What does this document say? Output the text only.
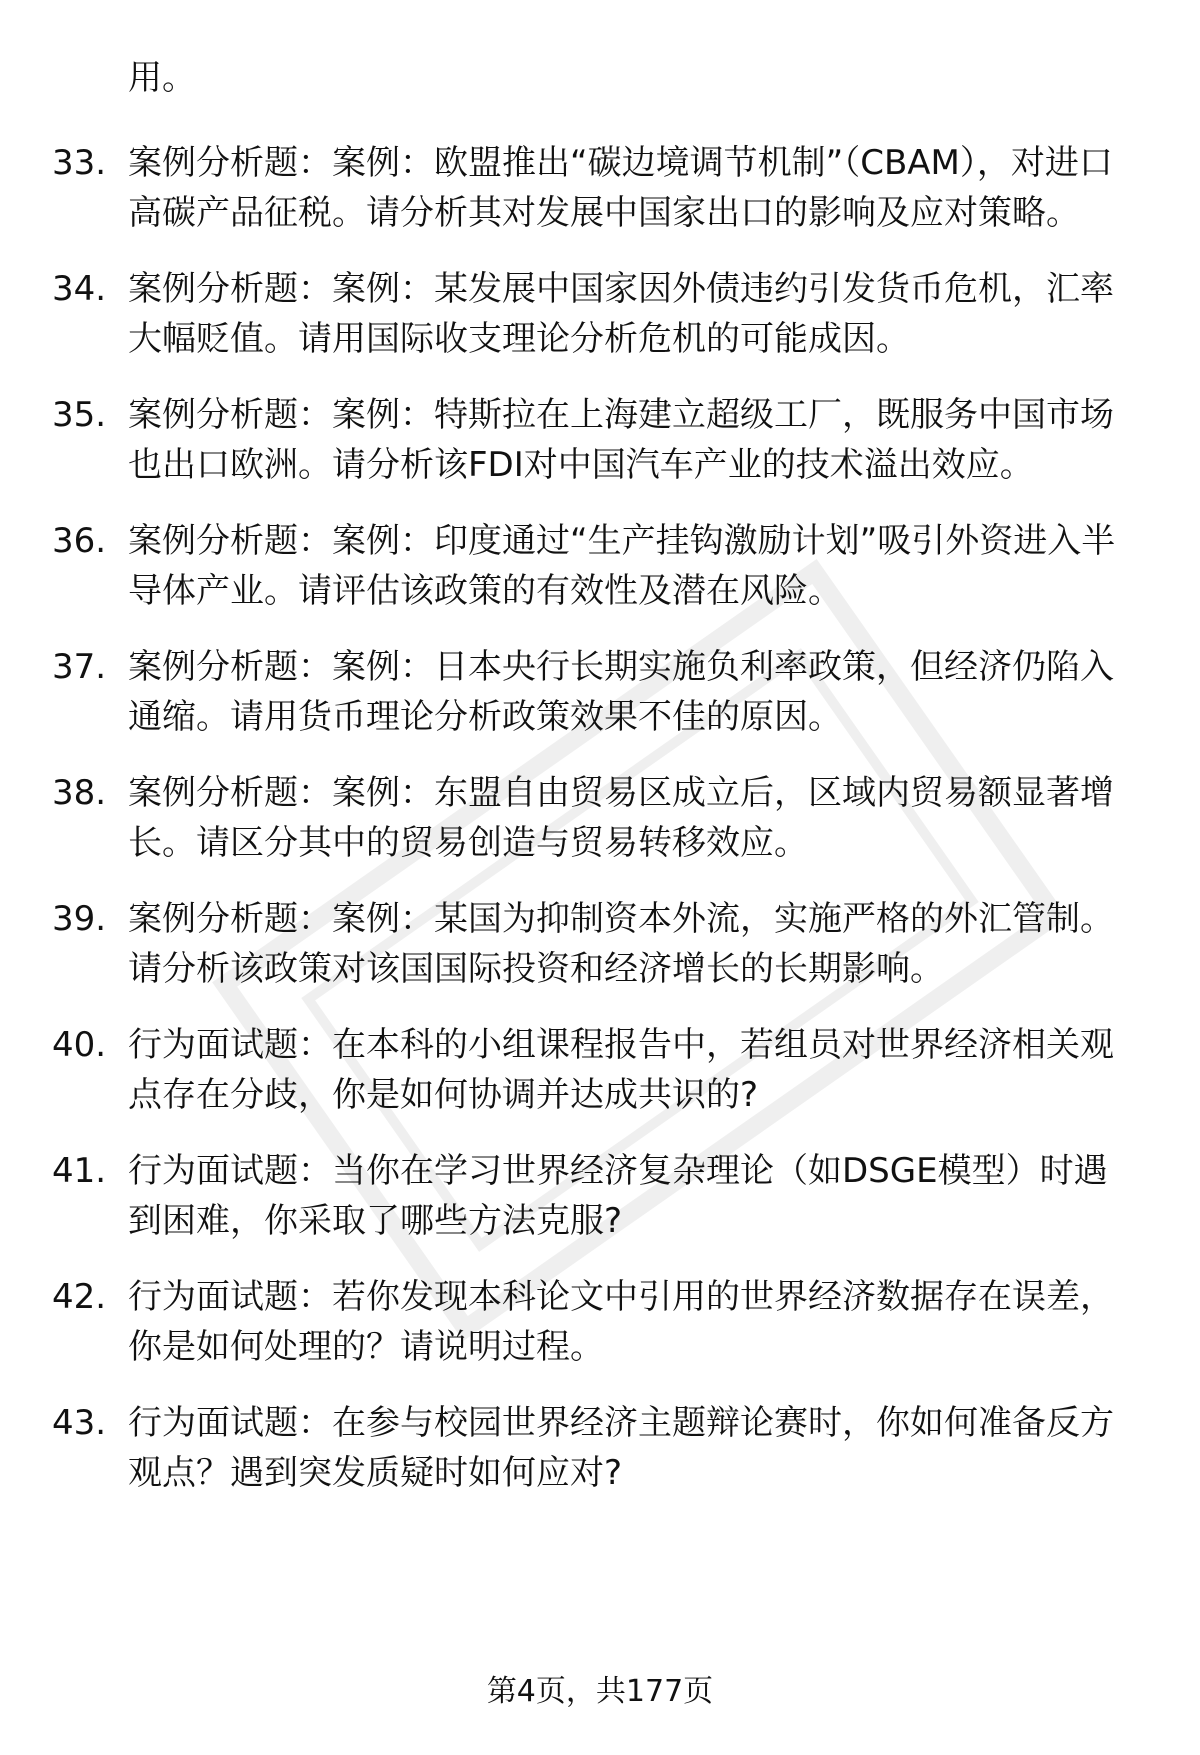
用。

33. 案例分析题：案例：欧盟推出“碳边境调节机制”（CBAM），对进口高碳产品征税。请分析其对发展中国家出口的影响及应对策略。
34. 案例分析题：案例：某发展中国家因外债违约引发货币危机，汇率大幅贬值。请用国际收支理论分析危机的可能成因。
35. 案例分析题：案例：特斯拉在上海建立超级工厂，既服务中国市场也出口欧洲。请分析该FDI对中国汽车产业的技术溢出效应。
36. 案例分析题：案例：印度通过“生产挂钩激励计划”吸引外资进入半导体产业。请评估该政策的有效性及潜在风险。
37. 案例分析题：案例：日本央行长期实施负利率政策，但经济仍陷入通缩。请用货币理论分析政策效果不佳的原因。
38. 案例分析题：案例：东盟自由贸易区成立后，区域内贸易额显著增长。请区分其中的贸易创造与贸易转移效应。
39. 案例分析题：案例：某国为抑制资本外流，实施严格的外汇管制。请分析该政策对该国国际投资和经济增长的长期影响。
40. 行为面试题：在本科的小组课程报告中，若组员对世界经济相关观点存在分歧，你是如何协调并达成共识的?
41. 行为面试题：当你在学习世界经济复杂理论（如DSGE模型）时遇到困难，你采取了哪些方法克服?
42. 行为面试题：若你发现本科论文中引用的世界经济数据存在误差，你是如何处理的？请说明过程。
43. 行为面试题：在参与校园世界经济主题辩论赛时，你如何准备反方观点？遇到突发质疑时如何应对?
第4页，共177页
